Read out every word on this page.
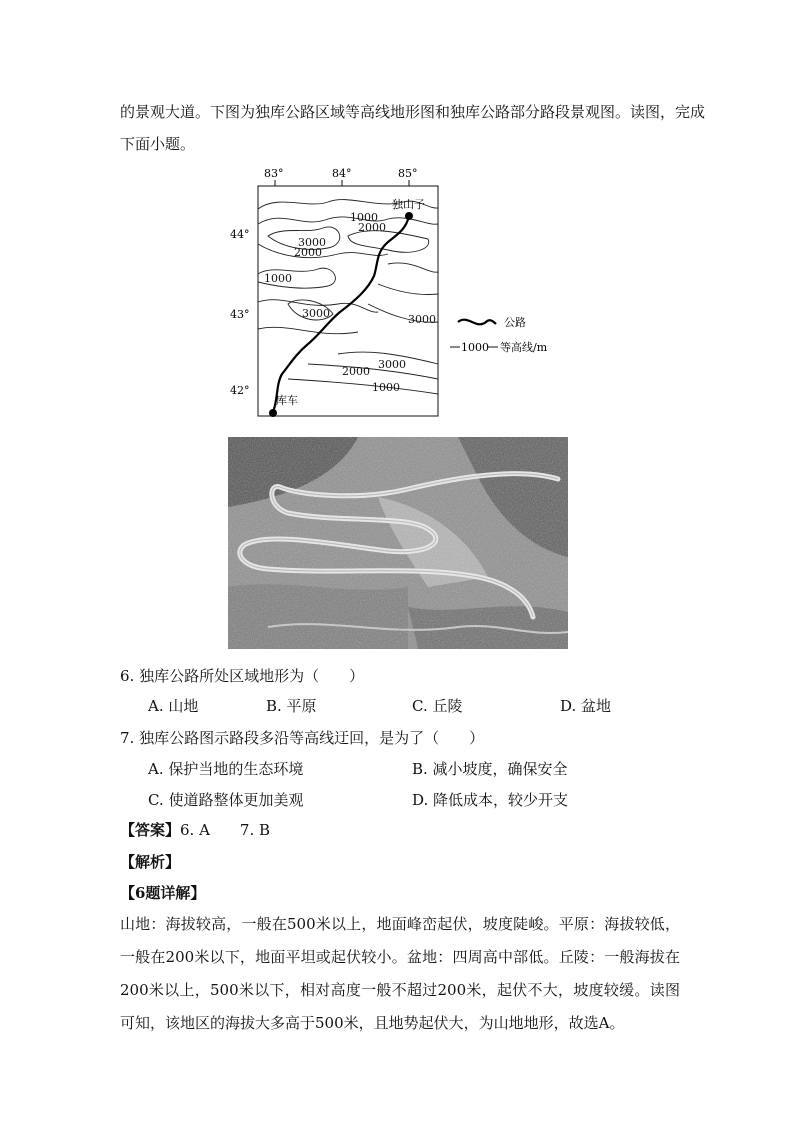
的景观大道。下图为独库公路区域等高线地形图和独库公路部分路段景观图。读图，完成
下面小题。
83°	84°	85°
44°
43°
42°
1000
2000
3000
2000
1000
3000	3000
3000
2000
1000
独山子
库车
公路
1000 等高线/m
6. 独库公路所处区域地形为（　　）
A. 山地	B. 平原	C. 丘陵	D. 盆地
7. 独库公路图示路段多沿等高线迂回，是为了（　　）
A. 保护当地的生态环境	B. 减小坡度，确保安全
C. 使道路整体更加美观	D. 降低成本，较少开支
【答案】6. A　　7. B
【解析】
【6题详解】
山地：海拔较高，一般在500米以上，地面峰峦起伏，坡度陡峻。平原：海拔较低，一般在200米以下，地面平坦或起伏较小。盆地：四周高中部低。丘陵：一般海拔在200米以上，500米以下，相对高度一般不超过200米，起伏不大，坡度较缓。读图可知，该地区的海拔大多高于500米，且地势起伏大，为山地地形，故选A。
